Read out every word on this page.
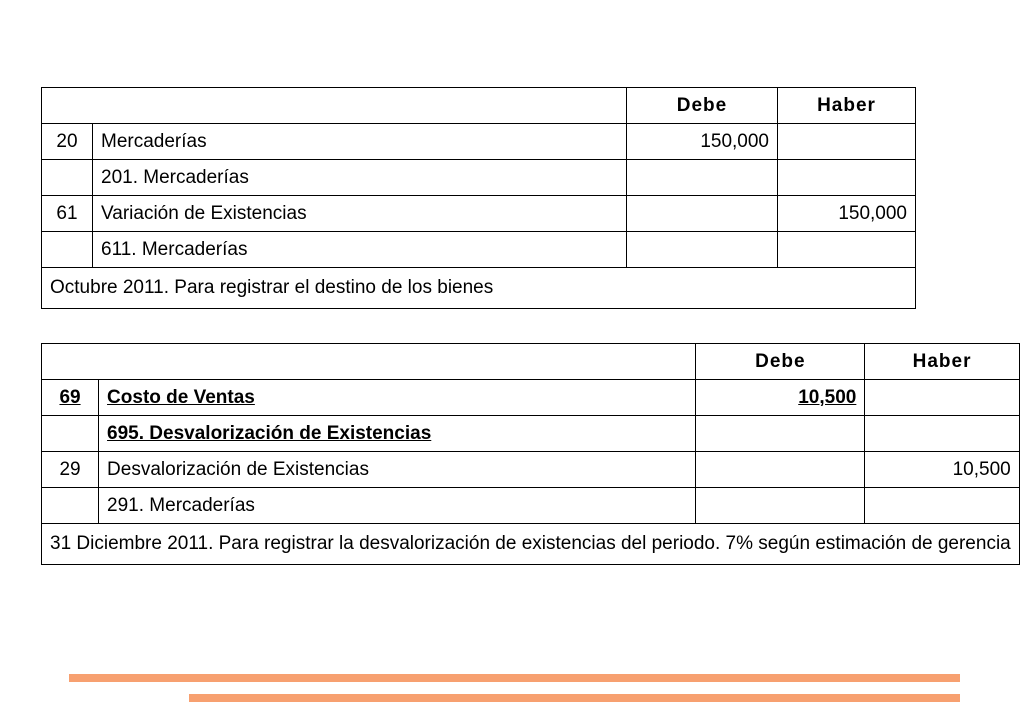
		Debe	Haber
20	Mercaderías	150,000	
	201. Mercaderías		
61	Variación de Existencias		150,000
	611. Mercaderías		
Octubre 2011. Para registrar el destino de los bienes			
		Debe	Haber
69	Costo de Ventas	10,500	
	695. Desvalorización de Existencias		
29	Desvalorización de Existencias		10,500
	291. Mercaderías		
31 Diciembre 2011. Para registrar la desvalorización de existencias del periodo. 7% según estimación de gerencia			
